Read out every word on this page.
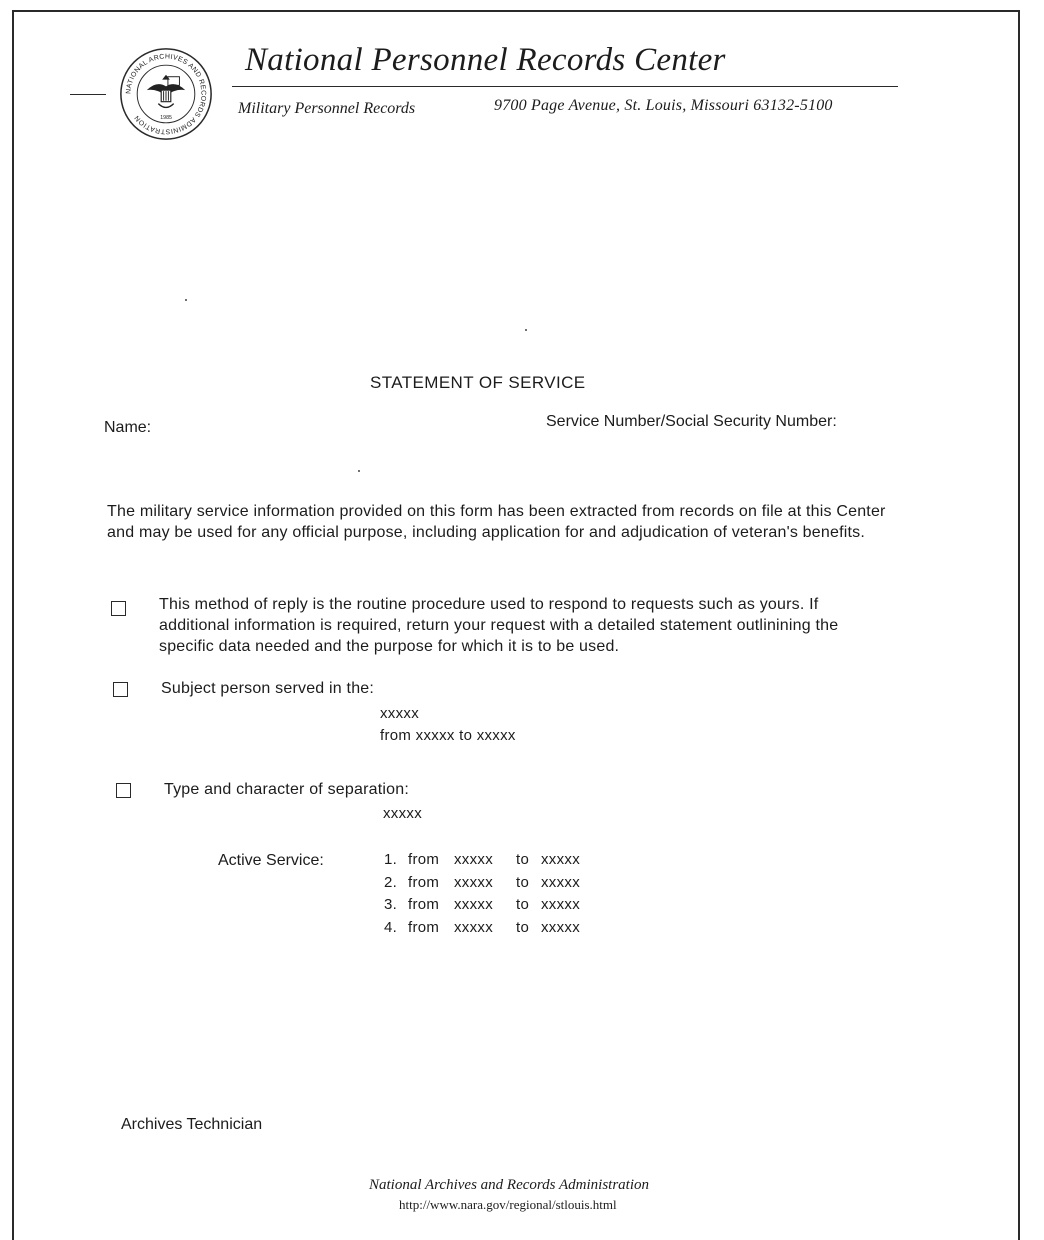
NATIONAL ARCHIVES AND RECORDS ADMINISTRATION	1985
National Personnel Records Center
Military Personnel Records	9700 Page Avenue, St. Louis, Missouri 63132-5100
STATEMENT OF SERVICE
Name:	Service Number/Social Security Number:
The military service information provided on this form has been extracted from records on file at this Center and may be used for any official purpose, including application for and adjudication of veteran's benefits.
This method of reply is the routine procedure used to respond to requests such as yours. If additional information is required, return your request with a detailed statement outlinining the specific data needed and the purpose for which it is to be used.
Subject person served in the:
xxxxx
from xxxxx to xxxxx
Type and character of separation:
xxxxx
Active Service:	1. from xxxxx to xxxxx
2. from xxxxx to xxxxx
3. from xxxxx to xxxxx
4. from xxxxx to xxxxx
Archives Technician
National Archives and Records Administration
http://www.nara.gov/regional/stlouis.html
